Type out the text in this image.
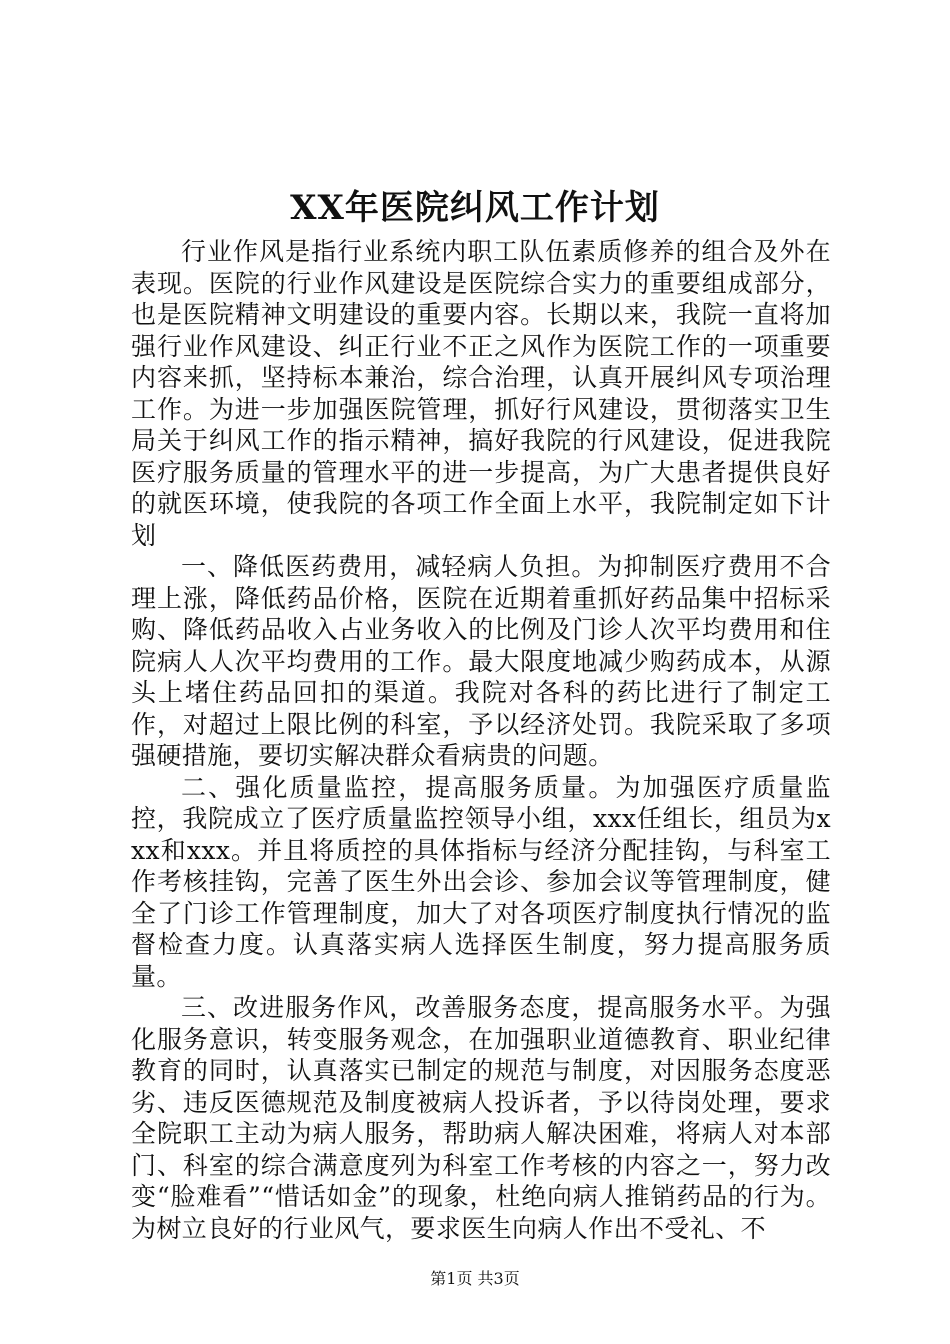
XX年医院纠风工作计划

行业作风是指行业系统内职工队伍素质修养的组合及外在表现。医院的行业作风建设是医院综合实力的重要组成部分，也是医院精神文明建设的重要内容。长期以来，我院一直将加强行业作风建设、纠正行业不正之风作为医院工作的一项重要内容来抓，坚持标本兼治，综合治理，认真开展纠风专项治理工作。为进一步加强医院管理，抓好行风建设，贯彻落实卫生局关于纠风工作的指示精神，搞好我院的行风建设，促进我院医疗服务质量的管理水平的进一步提高，为广大患者提供良好的就医环境，使我院的各项工作全面上水平，我院制定如下计划

一、降低医药费用，减轻病人负担。为抑制医疗费用不合理上涨，降低药品价格，医院在近期着重抓好药品集中招标采购、降低药品收入占业务收入的比例及门诊人次平均费用和住院病人人次平均费用的工作。最大限度地减少购药成本，从源头上堵住药品回扣的渠道。我院对各科的药比进行了制定工作，对超过上限比例的科室，予以经济处罚。我院采取了多项强硬措施，要切实解决群众看病贵的问题。

二、强化质量监控，提高服务质量。为加强医疗质量监控，我院成立了医疗质量监控领导小组，xxx任组长，组员为xxx和xxx。并且将质控的具体指标与经济分配挂钩，与科室工作考核挂钩，完善了医生外出会诊、参加会议等管理制度，健全了门诊工作管理制度，加大了对各项医疗制度执行情况的监督检查力度。认真落实病人选择医生制度，努力提高服务质量。

三、改进服务作风，改善服务态度，提高服务水平。为强化服务意识，转变服务观念，在加强职业道德教育、职业纪律教育的同时，认真落实已制定的规范与制度，对因服务态度恶劣、违反医德规范及制度被病人投诉者，予以待岗处理，要求全院职工主动为病人服务，帮助病人解决困难，将病人对本部门、科室的综合满意度列为科室工作考核的内容之一，努力改变“脸难看”“惜话如金”的现象，杜绝向病人推销药品的行为。为树立良好的行业风气，要求医生向病人作出不受礼、不

第1页 共3页
